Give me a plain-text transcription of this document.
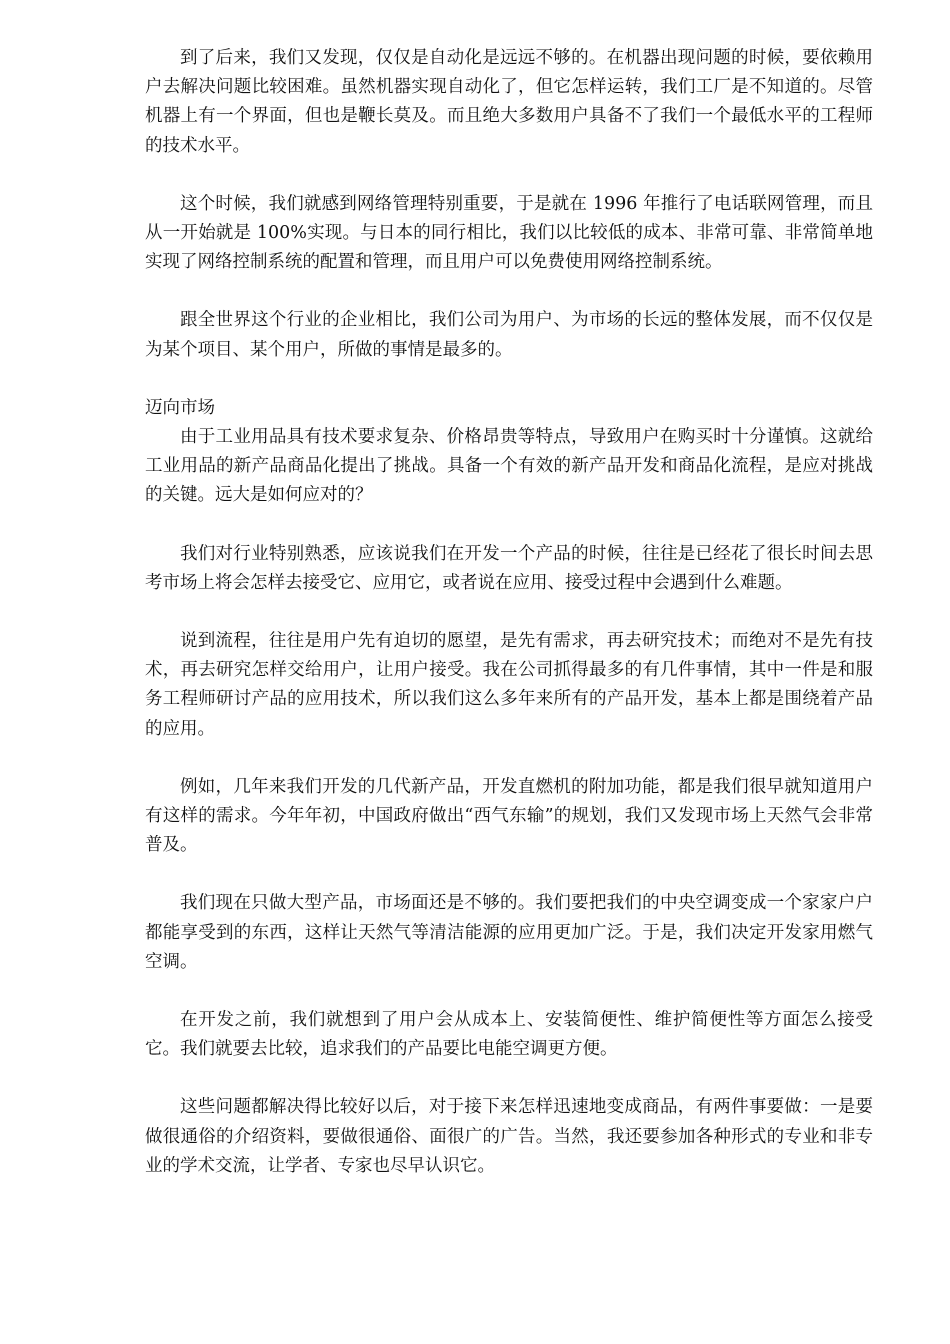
到了后来，我们又发现，仅仅是自动化是远远不够的。在机器出现问题的时候，要依赖用户去解决问题比较困难。虽然机器实现自动化了，但它怎样运转，我们工厂是不知道的。尽管机器上有一个界面，但也是鞭长莫及。而且绝大多数用户具备不了我们一个最低水平的工程师的技术水平。

这个时候，我们就感到网络管理特别重要，于是就在 1996 年推行了电话联网管理，而且从一开始就是 100%实现。与日本的同行相比，我们以比较低的成本、非常可靠、非常简单地实现了网络控制系统的配置和管理，而且用户可以免费使用网络控制系统。

跟全世界这个行业的企业相比，我们公司为用户、为市场的长远的整体发展，而不仅仅是为某个项目、某个用户，所做的事情是最多的。

迈向市场

由于工业用品具有技术要求复杂、价格昂贵等特点，导致用户在购买时十分谨慎。这就给工业用品的新产品商品化提出了挑战。具备一个有效的新产品开发和商品化流程，是应对挑战的关键。远大是如何应对的？

我们对行业特别熟悉，应该说我们在开发一个产品的时候，往往是已经花了很长时间去思考市场上将会怎样去接受它、应用它，或者说在应用、接受过程中会遇到什么难题。

说到流程，往往是用户先有迫切的愿望，是先有需求，再去研究技术；而绝对不是先有技术，再去研究怎样交给用户，让用户接受。我在公司抓得最多的有几件事情，其中一件是和服务工程师研讨产品的应用技术，所以我们这么多年来所有的产品开发，基本上都是围绕着产品的应用。

例如，几年来我们开发的几代新产品，开发直燃机的附加功能，都是我们很早就知道用户有这样的需求。今年年初，中国政府做出“西气东输”的规划，我们又发现市场上天然气会非常普及。

我们现在只做大型产品，市场面还是不够的。我们要把我们的中央空调变成一个家家户户都能享受到的东西，这样让天然气等清洁能源的应用更加广泛。于是，我们决定开发家用燃气空调。

在开发之前，我们就想到了用户会从成本上、安装简便性、维护简便性等方面怎么接受它。我们就要去比较，追求我们的产品要比电能空调更方便。

这些问题都解决得比较好以后，对于接下来怎样迅速地变成商品，有两件事要做：一是要做很通俗的介绍资料，要做很通俗、面很广的广告。当然，我还要参加各种形式的专业和非专业的学术交流，让学者、专家也尽早认识它。
